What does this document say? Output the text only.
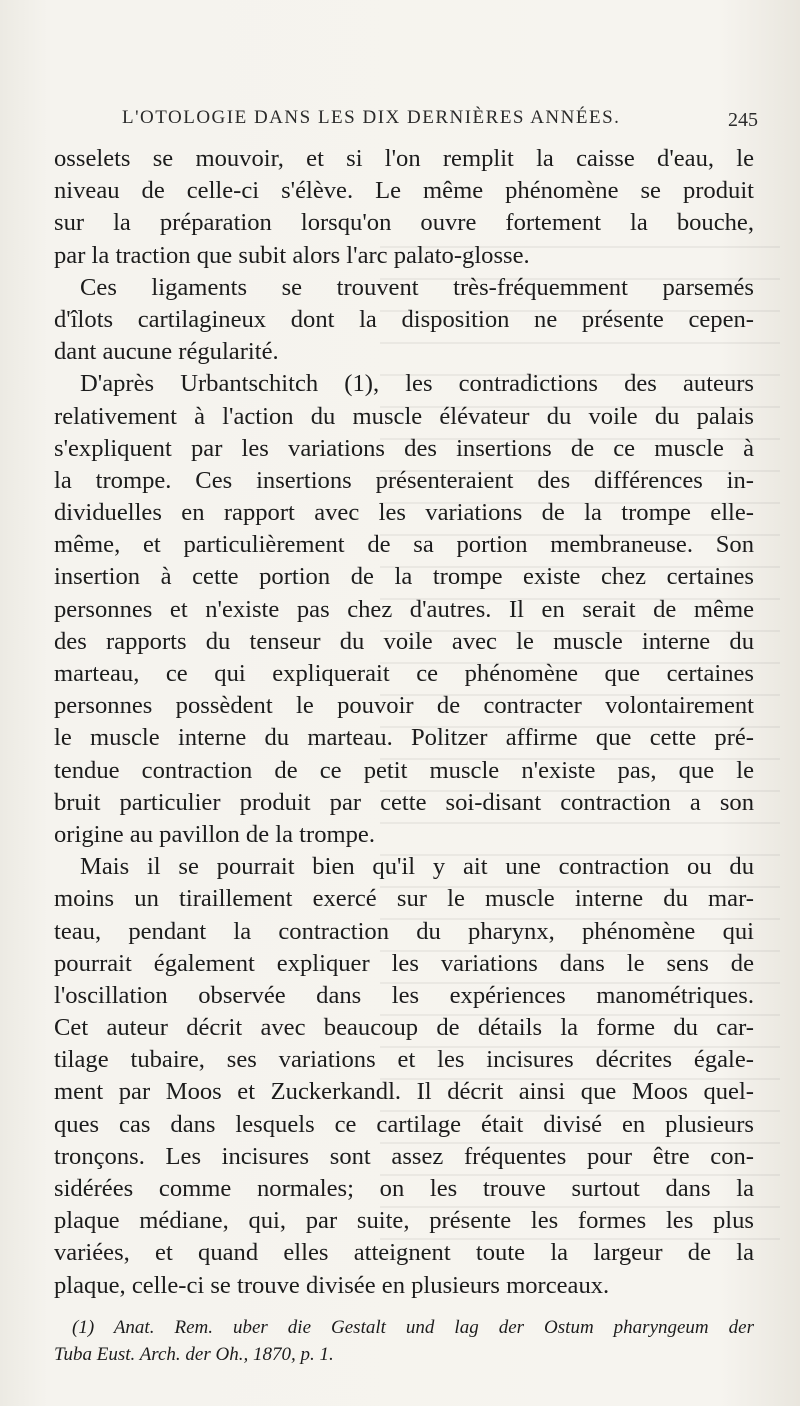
L'OTOLOGIE DANS LES DIX DERNIÈRES ANNÉES.	245
osselets se mouvoir, et si l'on remplit la caisse d'eau, le
niveau de celle-ci s'élève. Le même phénomène se produit
sur la préparation lorsqu'on ouvre fortement la bouche,
par la traction que subit alors l'arc palato-glosse.
Ces ligaments se trouvent très-fréquemment parsemés
d'îlots cartilagineux dont la disposition ne présente cepen-
dant aucune régularité.
D'après Urbantschitch (1), les contradictions des auteurs
relativement à l'action du muscle élévateur du voile du palais
s'expliquent par les variations des insertions de ce muscle à
la trompe. Ces insertions présenteraient des différences in-
dividuelles en rapport avec les variations de la trompe elle-
même, et particulièrement de sa portion membraneuse. Son
insertion à cette portion de la trompe existe chez certaines
personnes et n'existe pas chez d'autres. Il en serait de même
des rapports du tenseur du voile avec le muscle interne du
marteau, ce qui expliquerait ce phénomène que certaines
personnes possèdent le pouvoir de contracter volontairement
le muscle interne du marteau. Politzer affirme que cette pré-
tendue contraction de ce petit muscle n'existe pas, que le
bruit particulier produit par cette soi-disant contraction a son
origine au pavillon de la trompe.
Mais il se pourrait bien qu'il y ait une contraction ou du
moins un tiraillement exercé sur le muscle interne du mar-
teau, pendant la contraction du pharynx, phénomène qui
pourrait également expliquer les variations dans le sens de
l'oscillation observée dans les expériences manométriques.
Cet auteur décrit avec beaucoup de détails la forme du car-
tilage tubaire, ses variations et les incisures décrites égale-
ment par Moos et Zuckerkandl. Il décrit ainsi que Moos quel-
ques cas dans lesquels ce cartilage était divisé en plusieurs
tronçons. Les incisures sont assez fréquentes pour être con-
sidérées comme normales; on les trouve surtout dans la
plaque médiane, qui, par suite, présente les formes les plus
variées, et quand elles atteignent toute la largeur de la
plaque, celle-ci se trouve divisée en plusieurs morceaux.
(1) Anat. Rem. uber die Gestalt und lag der Ostum pharyngeum der
Tuba Eust. Arch. der Oh., 1870, p. 1.
